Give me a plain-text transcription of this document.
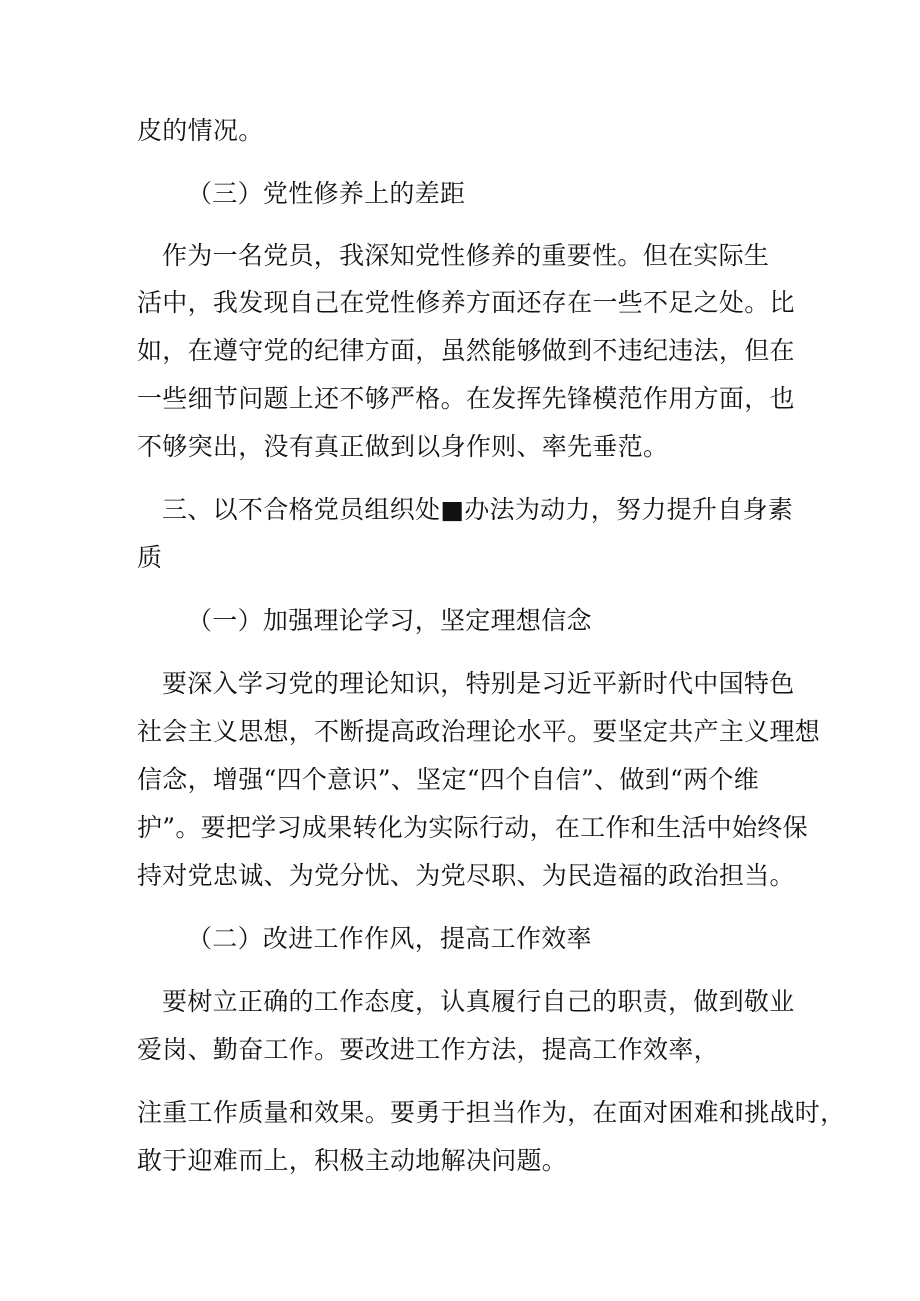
皮的情况。
（三）党性修养上的差距
作为一名党员，我深知党性修养的重要性。但在实际生
活中，我发现自己在党性修养方面还存在一些不足之处。比
如，在遵守党的纪律方面，虽然能够做到不违纪违法，但在
一些细节问题上还不够严格。在发挥先锋模范作用方面，也
不够突出，没有真正做到以身作则、率先垂范。
三、以不合格党员组织处■办法为动力，努力提升自身素
质
（一）加强理论学习，坚定理想信念
要深入学习党的理论知识，特别是习近平新时代中国特色
社会主义思想，不断提高政治理论水平。要坚定共产主义理想
信念，增强“四个意识”、坚定“四个自信”、做到“两个维
护”。要把学习成果转化为实际行动，在工作和生活中始终保
持对党忠诚、为党分忧、为党尽职、为民造福的政治担当。
（二）改进工作作风，提高工作效率
要树立正确的工作态度，认真履行自己的职责，做到敬业
爱岗、勤奋工作。要改进工作方法，提高工作效率，
注重工作质量和效果。要勇于担当作为，在面对困难和挑战时，
敢于迎难而上，积极主动地解决问题。
